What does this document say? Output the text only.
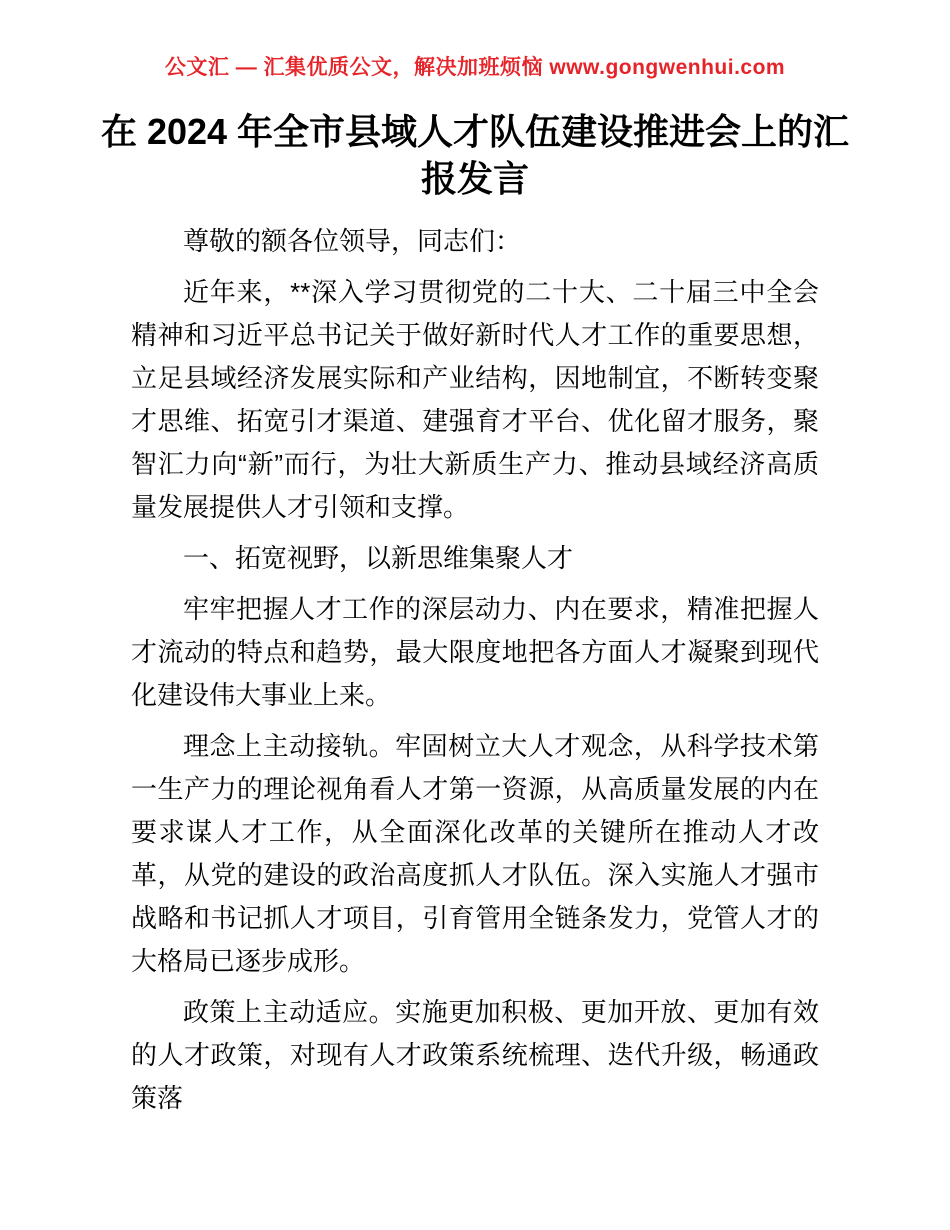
公文汇 — 汇集优质公文，解决加班烦恼 www.gongwenhui.com
在 2024 年全市县域人才队伍建设推进会上的汇报发言

尊敬的额各位领导，同志们：

近年来，**深入学习贯彻党的二十大、二十届三中全会精神和习近平总书记关于做好新时代人才工作的重要思想，立足县域经济发展实际和产业结构，因地制宜，不断转变聚才思维、拓宽引才渠道、建强育才平台、优化留才服务，聚智汇力向“新”而行，为壮大新质生产力、推动县域经济高质量发展提供人才引领和支撑。

一、拓宽视野，以新思维集聚人才

牢牢把握人才工作的深层动力、内在要求，精准把握人才流动的特点和趋势，最大限度地把各方面人才凝聚到现代化建设伟大事业上来。

理念上主动接轨。牢固树立大人才观念，从科学技术第一生产力的理论视角看人才第一资源，从高质量发展的内在要求谋人才工作，从全面深化改革的关键所在推动人才改革，从党的建设的政治高度抓人才队伍。深入实施人才强市战略和书记抓人才项目，引育管用全链条发力，党管人才的大格局已逐步成形。

政策上主动适应。实施更加积极、更加开放、更加有效的人才政策，对现有人才政策系统梳理、迭代升级，畅通政策落
